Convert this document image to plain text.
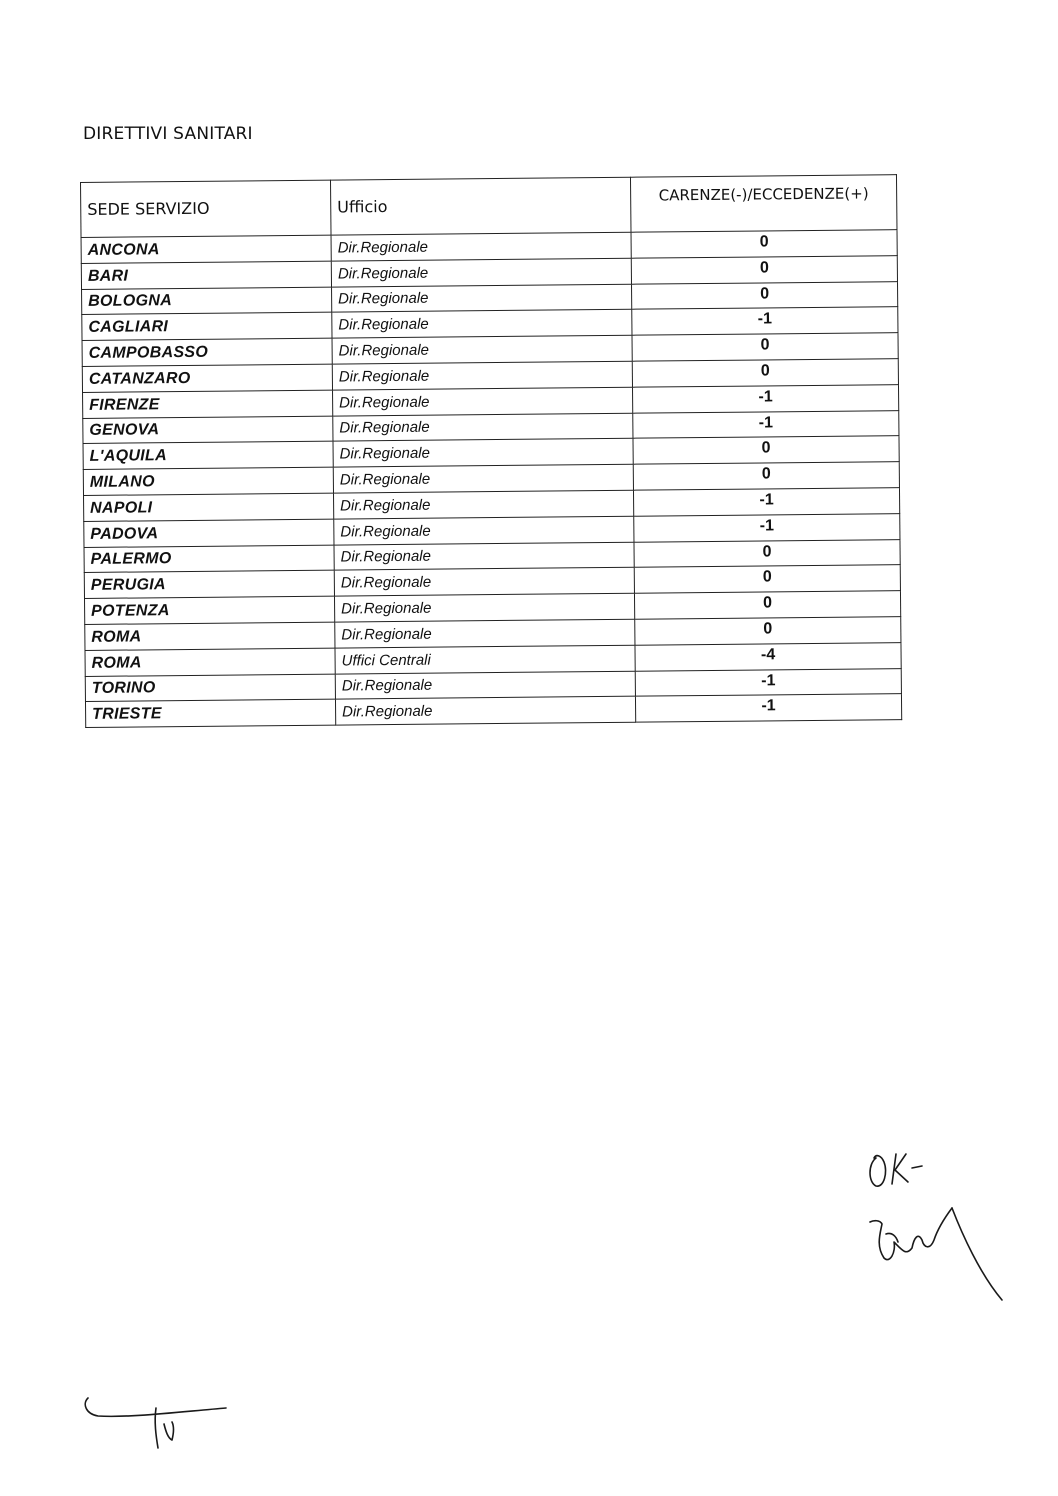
DIRETTIVI SANITARI
SEDE SERVIZIO	Ufficio	CARENZE(-)/ECCEDENZE(+)
ANCONA	Dir.Regionale	0
BARI	Dir.Regionale	0
BOLOGNA	Dir.Regionale	0
CAGLIARI	Dir.Regionale	-1
CAMPOBASSO	Dir.Regionale	0
CATANZARO	Dir.Regionale	0
FIRENZE	Dir.Regionale	-1
GENOVA	Dir.Regionale	-1
L'AQUILA	Dir.Regionale	0
MILANO	Dir.Regionale	0
NAPOLI	Dir.Regionale	-1
PADOVA	Dir.Regionale	-1
PALERMO	Dir.Regionale	0
PERUGIA	Dir.Regionale	0
POTENZA	Dir.Regionale	0
ROMA	Dir.Regionale	0
ROMA	Uffici Centrali	-4
TORINO	Dir.Regionale	-1
TRIESTE	Dir.Regionale	-1
